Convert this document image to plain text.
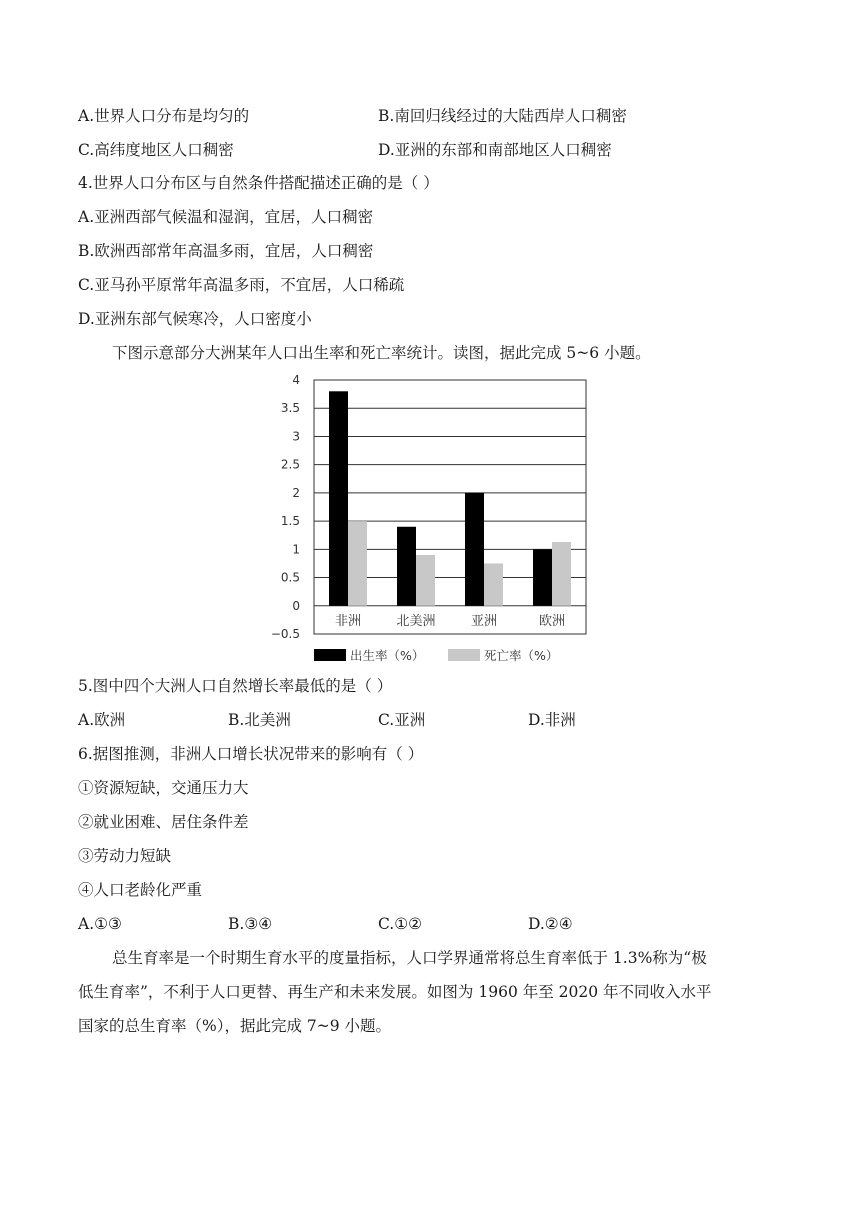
A.世界人口分布是均匀的	B.南回归线经过的大陆西岸人口稠密
C.高纬度地区人口稠密	D.亚洲的东部和南部地区人口稠密
4.世界人口分布区与自然条件搭配描述正确的是（ ）
A.亚洲西部气候温和湿润，宜居，人口稠密
B.欧洲西部常年高温多雨，宜居，人口稠密
C.亚马孙平原常年高温多雨，不宜居，人口稀疏
D.亚洲东部气候寒冷，人口密度小
下图示意部分大洲某年人口出生率和死亡率统计。读图，据此完成 5~6 小题。
4
3.5
3
2.5
2
1.5
1
0.5
0
−0.5
非洲	北美洲	亚洲	欧洲
出生率（%）	死亡率（%）
5.图中四个大洲人口自然增长率最低的是（ ）
A.欧洲	B.北美洲	C.亚洲	D.非洲
6.据图推测，非洲人口增长状况带来的影响有（ ）
①资源短缺，交通压力大
②就业困难、居住条件差
③劳动力短缺
④人口老龄化严重
A.①③	B.③④	C.①②	D.②④
总生育率是一个时期生育水平的度量指标，人口学界通常将总生育率低于 1.3%称为“极
低生育率”，不利于人口更替、再生产和未来发展。如图为 1960 年至 2020 年不同收入水平
国家的总生育率（%），据此完成 7~9 小题。
